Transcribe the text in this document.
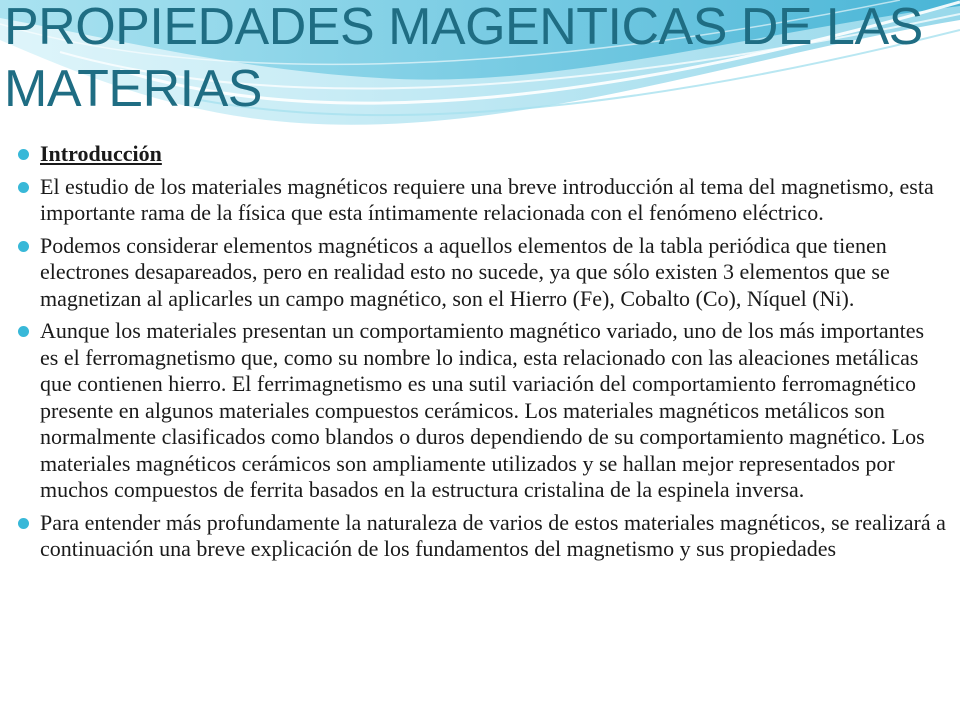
PROPIEDADES MAGENTICAS DE LAS MATERIAS
Introducción
El estudio de los materiales magnéticos requiere una breve introducción al tema del magnetismo, esta importante rama de la física que esta íntimamente relacionada con el fenómeno eléctrico.
Podemos considerar elementos magnéticos a aquellos elementos de la tabla periódica que tienen electrones desapareados, pero en realidad esto no sucede, ya que sólo existen 3 elementos que se magnetizan al aplicarles un campo magnético, son el Hierro (Fe), Cobalto (Co), Níquel (Ni).
Aunque los materiales presentan un comportamiento magnético variado, uno de los más importantes es el ferromagnetismo que, como su nombre lo indica, esta relacionado con las aleaciones metálicas que contienen hierro. El ferrimagnetismo es una sutil variación del comportamiento ferromagnético presente en algunos materiales compuestos cerámicos. Los materiales magnéticos metálicos son normalmente clasificados como blandos o duros dependiendo de su comportamiento magnético. Los materiales magnéticos cerámicos son ampliamente utilizados y se hallan mejor representados por muchos compuestos de ferrita basados en la estructura cristalina de la espinela inversa.
Para entender más profundamente la naturaleza de varios de estos materiales magnéticos, se realizará a continuación una breve explicación de los fundamentos del magnetismo y sus propiedades
